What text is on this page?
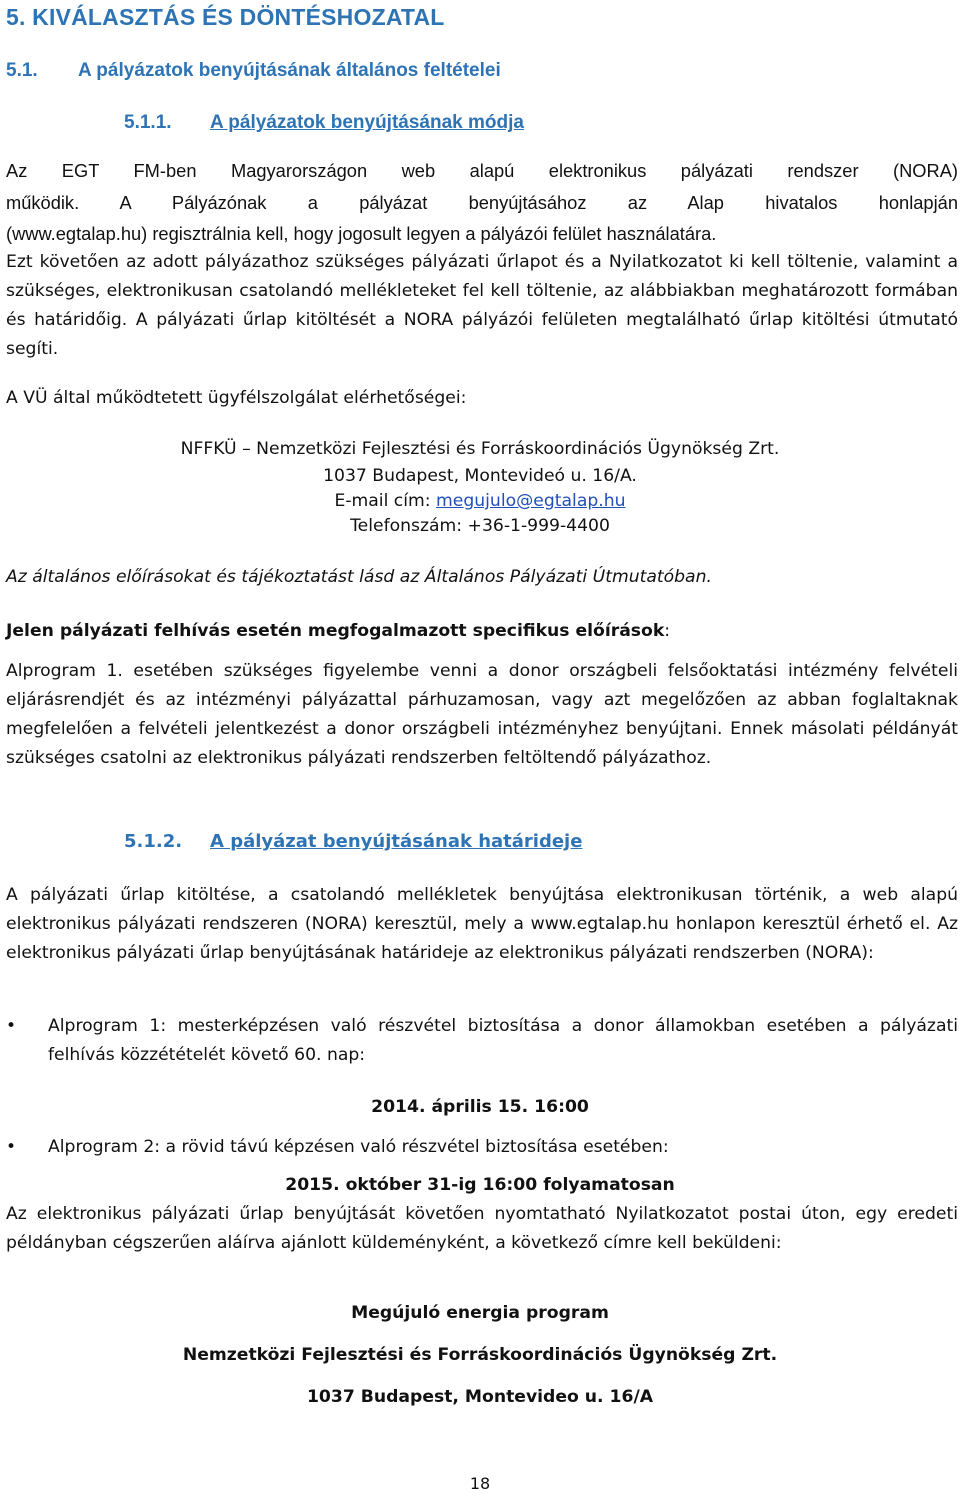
5. KIVÁLASZTÁS ÉS DÖNTÉSHOZATAL
5.1. A pályázatok benyújtásának általános feltételei
5.1.1. A pályázatok benyújtásának módja
Az EGT FM-ben Magyarországon web alapú elektronikus pályázati rendszer (NORA)
működik. A Pályázónak a pályázat benyújtásához az Alap hivatalos honlapján
(www.egtalap.hu) regisztrálnia kell, hogy jogosult legyen a pályázói felület használatára.

Ezt követően az adott pályázathoz szükséges pályázati űrlapot és a Nyilatkozatot ki kell töltenie, valamint a szükséges, elektronikusan csatolandó mellékleteket fel kell töltenie, az alábbiakban meghatározott formában és határidőig. A pályázati űrlap kitöltését a NORA pályázói felületen megtalálható űrlap kitöltési útmutató segíti.

A VÜ által működtetett ügyfélszolgálat elérhetőségei:
NFFKÜ – Nemzetközi Fejlesztési és Forráskoordinációs Ügynökség Zrt.
1037 Budapest, Montevideó u. 16/A.
E-mail cím: megujulo@egtalap.hu
Telefonszám: +36-1-999-4400
Az általános előírásokat és tájékoztatást lásd az Általános Pályázati Útmutatóban.
Jelen pályázati felhívás esetén megfogalmazott specifikus előírások:

Alprogram 1. esetében szükséges figyelembe venni a donor országbeli felsőoktatási intézmény felvételi eljárásrendjét és az intézményi pályázattal párhuzamosan, vagy azt megelőzően az abban foglaltaknak megfelelően a felvételi jelentkezést a donor országbeli intézményhez benyújtani. Ennek másolati példányát szükséges csatolni az elektronikus pályázati rendszerben feltöltendő pályázathoz.

5.1.2. A pályázat benyújtásának határideje

A pályázati űrlap kitöltése, a csatolandó mellékletek benyújtása elektronikusan történik, a web alapú elektronikus pályázati rendszeren (NORA) keresztül, mely a www.egtalap.hu honlapon keresztül érhető el. Az elektronikus pályázati űrlap benyújtásának határideje az elektronikus pályázati rendszerben (NORA):

•	Alprogram 1: mesterképzésen való részvétel biztosítása a donor államokban esetében a pályázati felhívás közzétételét követő 60. nap:

2014. április 15. 16:00
•	Alprogram 2: a rövid távú képzésen való részvétel biztosítása esetében:

2015. október 31-ig 16:00 folyamatosan

Az elektronikus pályázati űrlap benyújtását követően nyomtatható Nyilatkozatot postai úton, egy eredeti példányban cégszerűen aláírva ajánlott küldeményként, a következő címre kell beküldeni:

Megújuló energia program
Nemzetközi Fejlesztési és Forráskoordinációs Ügynökség Zrt.
1037 Budapest, Montevideo u. 16/A
18
